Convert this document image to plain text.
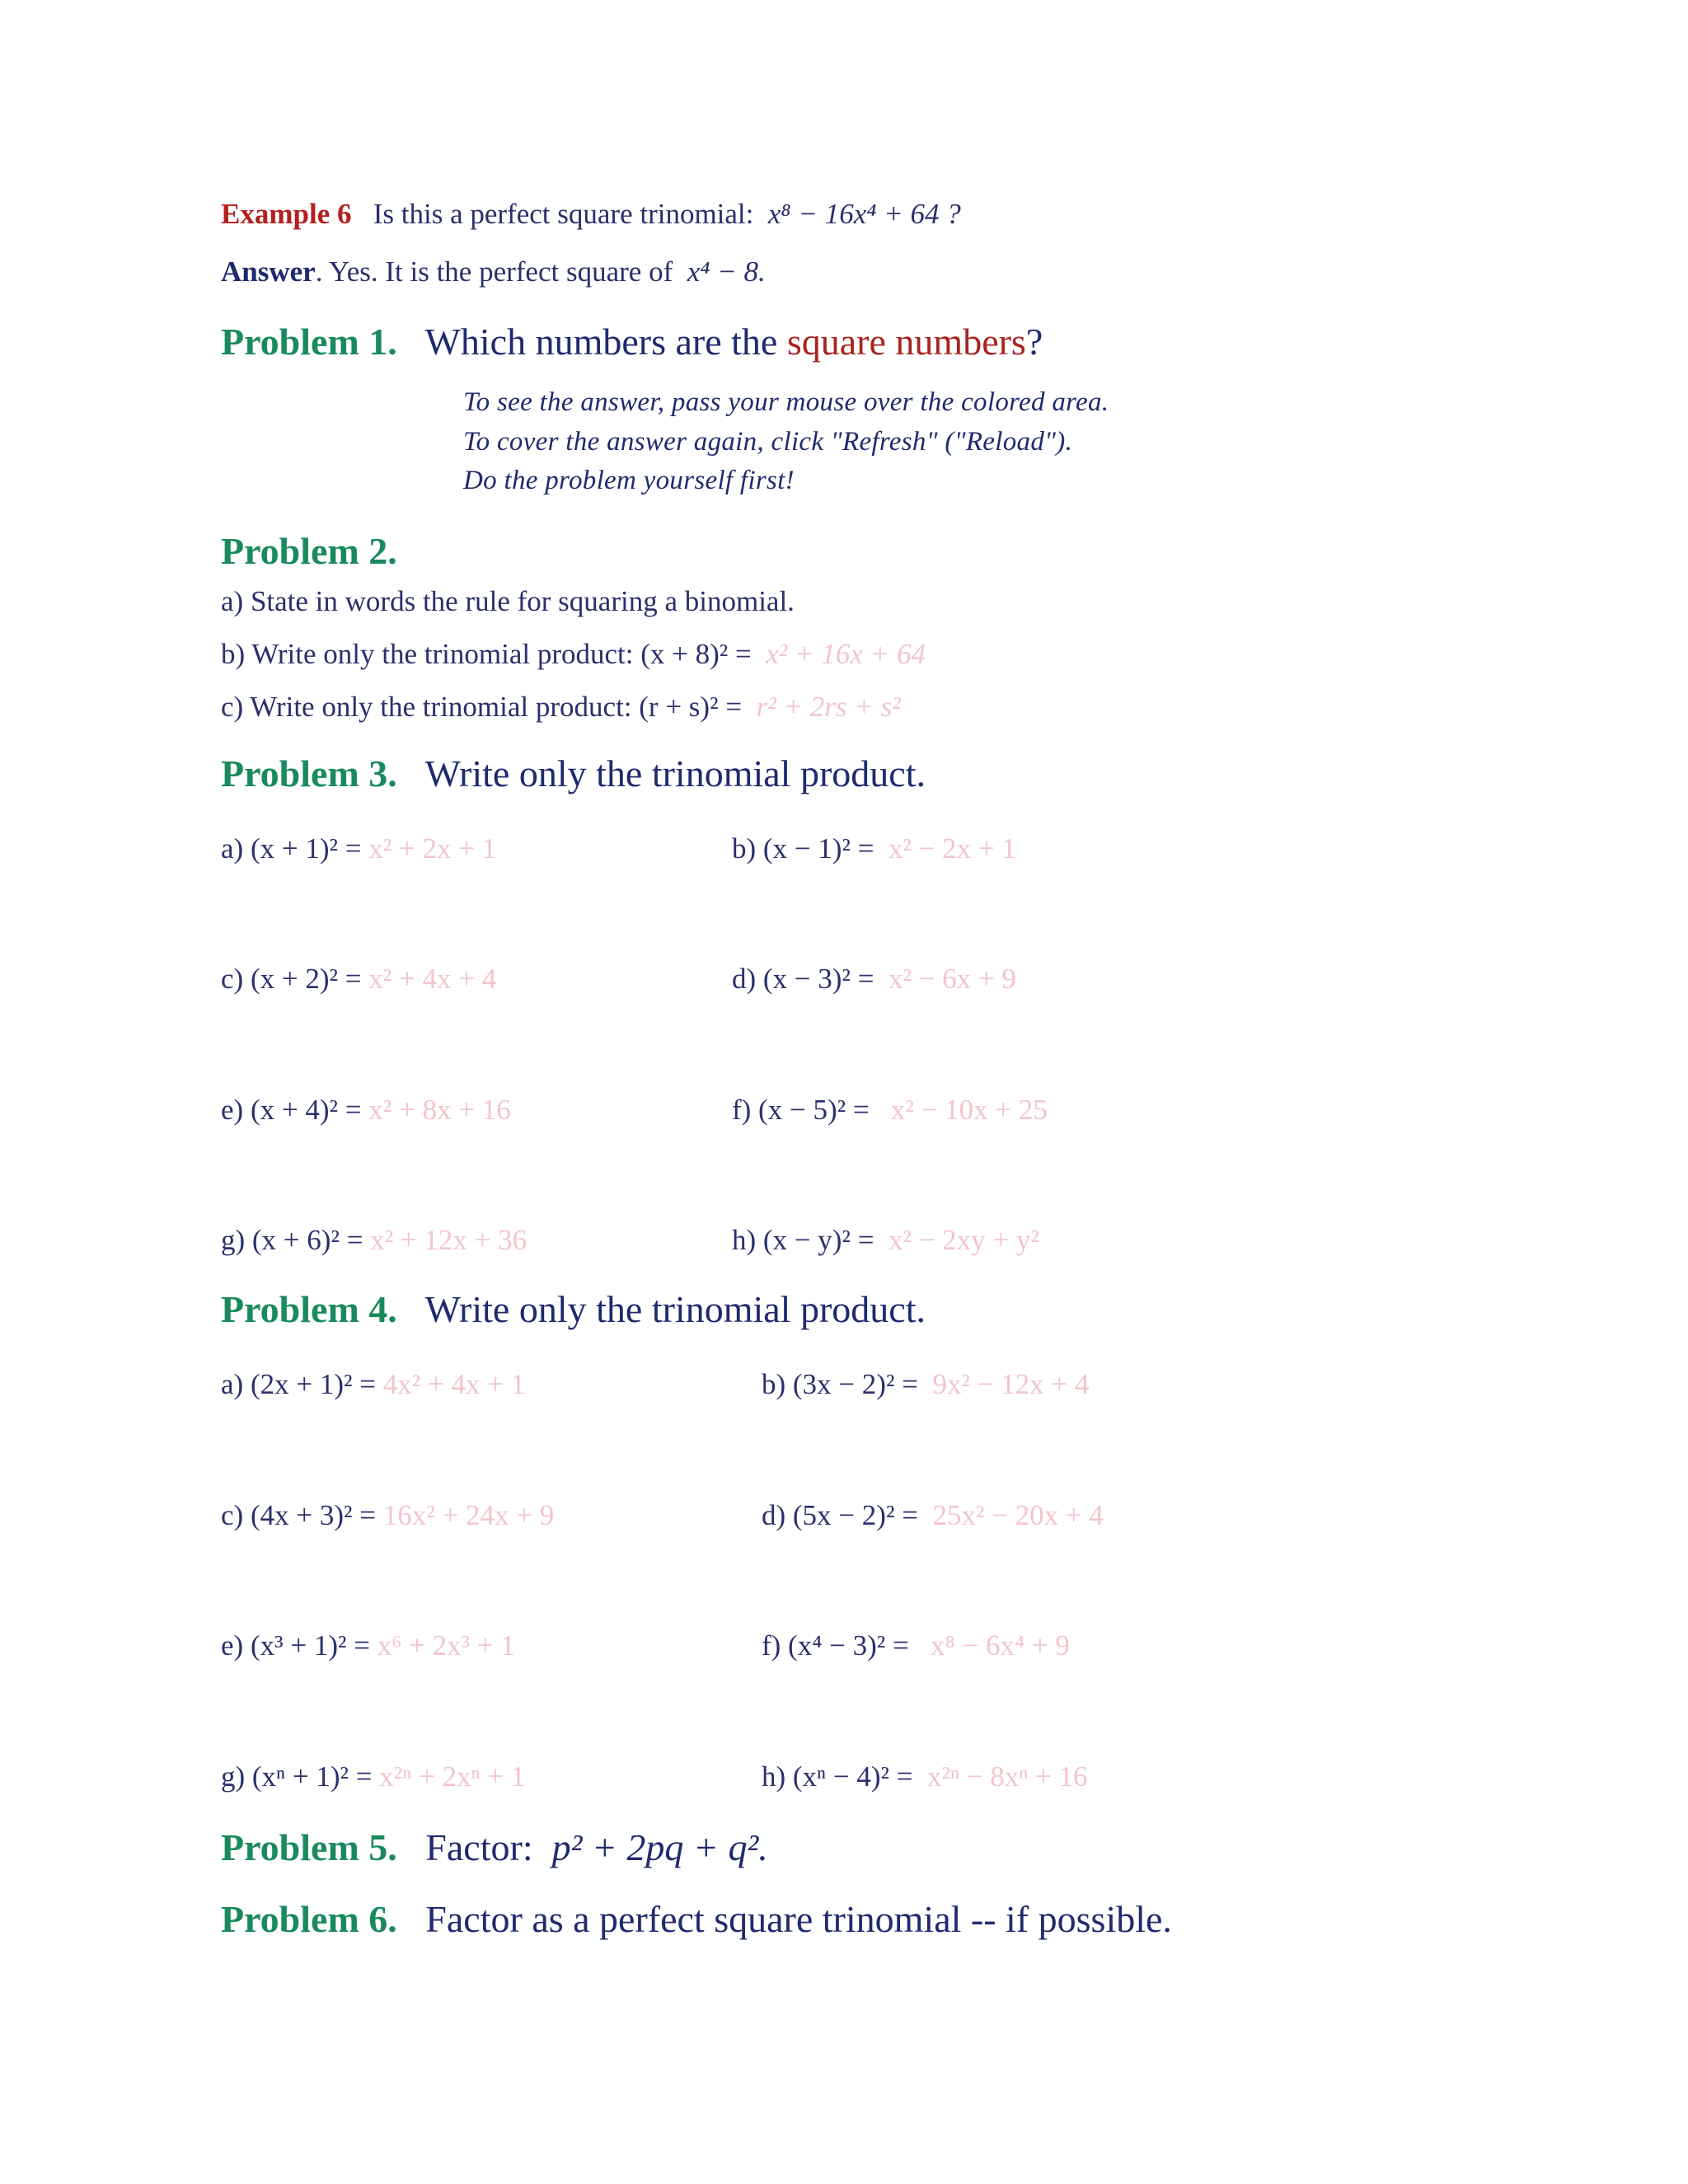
Example 6 Is this a perfect square trinomial: x⁸ − 16x⁴ + 64 ?
Answer. Yes. It is the perfect square of x⁴ − 8.
Problem 1. Which numbers are the square numbers?
To see the answer, pass your mouse over the colored area.
To cover the answer again, click "Refresh" ("Reload").
Do the problem yourself first!
Problem 2.
a) State in words the rule for squaring a binomial.
b) Write only the trinomial product: (x + 8)² = x² + 16x + 64
c) Write only the trinomial product: (r + s)² = r² + 2rs + s²
Problem 3. Write only the trinomial product.
a) (x + 1)² = x² + 2x + 1	b) (x − 1)² = x² − 2x + 1
c) (x + 2)² = x² + 4x + 4	d) (x − 3)² = x² − 6x + 9
e) (x + 4)² = x² + 8x + 16	f) (x − 5)² = x² − 10x + 25
g) (x + 6)² = x² + 12x + 36	h) (x − y)² = x² − 2xy + y²
Problem 4. Write only the trinomial product.
a) (2x + 1)² = 4x² + 4x + 1	b) (3x − 2)² = 9x² − 12x + 4
c) (4x + 3)² = 16x² + 24x + 9	d) (5x − 2)² = 25x² − 20x + 4
e) (x³ + 1)² = x⁶ + 2x³ + 1	f) (x⁴ − 3)² = x⁸ − 6x⁴ + 9
g) (xⁿ + 1)² = x²ⁿ + 2xⁿ + 1	h) (xⁿ − 4)² = x²ⁿ − 8xⁿ + 16
Problem 5. Factor: p² + 2pq + q².
Problem 6. Factor as a perfect square trinomial -- if possible.
